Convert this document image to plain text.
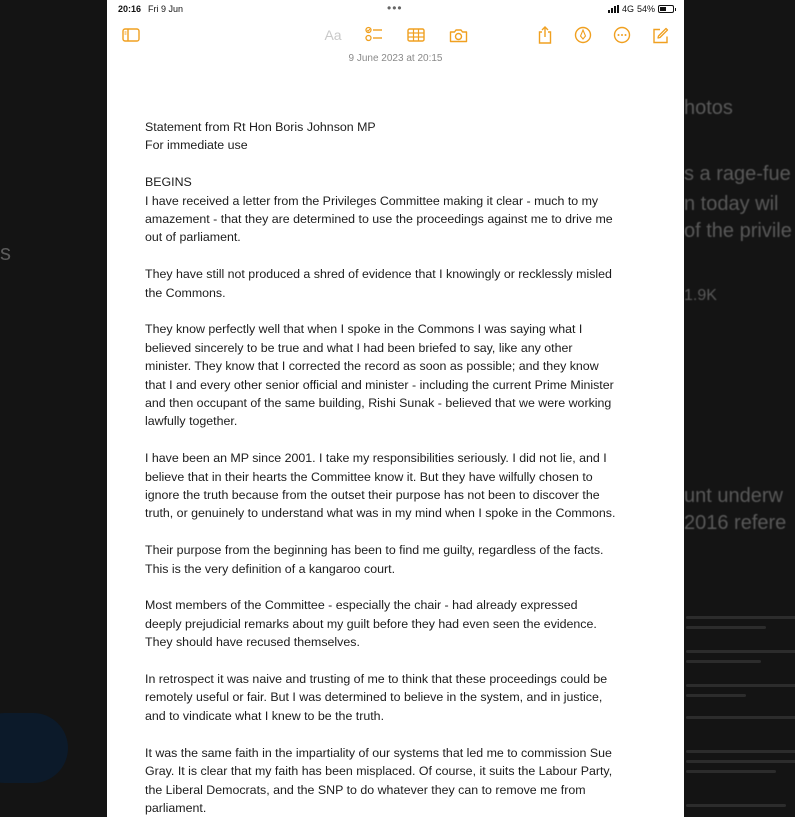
hotos
s a rage-fue
n today wil
of the privile
1.9K
unt underw
2016 refere
s
20:16 Fri 9 Jun	•••	4G 54%
Aa
9 June 2023 at 20:15

Statement from Rt Hon Boris Johnson MP

For immediate use

BEGINS

I have received a letter from the Privileges Committee making it clear - much to my

amazement - that they are determined to use the proceedings against me to drive me

out of parliament.

They have still not produced a shred of evidence that I knowingly or recklessly misled

the Commons.

They know perfectly well that when I spoke in the Commons I was saying what I

believed sincerely to be true and what I had been briefed to say, like any other

minister. They know that I corrected the record as soon as possible; and they know

that I and every other senior official and minister - including the current Prime Minister

and then occupant of the same building, Rishi Sunak - believed that we were working

lawfully together.

I have been an MP since 2001. I take my responsibilities seriously. I did not lie, and I

believe that in their hearts the Committee know it. But they have wilfully chosen to

ignore the truth because from the outset their purpose has not been to discover the

truth, or genuinely to understand what was in my mind when I spoke in the Commons.

Their purpose from the beginning has been to find me guilty, regardless of the facts.

This is the very definition of a kangaroo court.

Most members of the Committee - especially the chair - had already expressed

deeply prejudicial remarks about my guilt before they had even seen the evidence.

They should have recused themselves.

In retrospect it was naive and trusting of me to think that these proceedings could be

remotely useful or fair. But I was determined to believe in the system, and in justice,

and to vindicate what I knew to be the truth.

It was the same faith in the impartiality of our systems that led me to commission Sue

Gray. It is clear that my faith has been misplaced. Of course, it suits the Labour Party,

the Liberal Democrats, and the SNP to do whatever they can to remove me from

parliament.
